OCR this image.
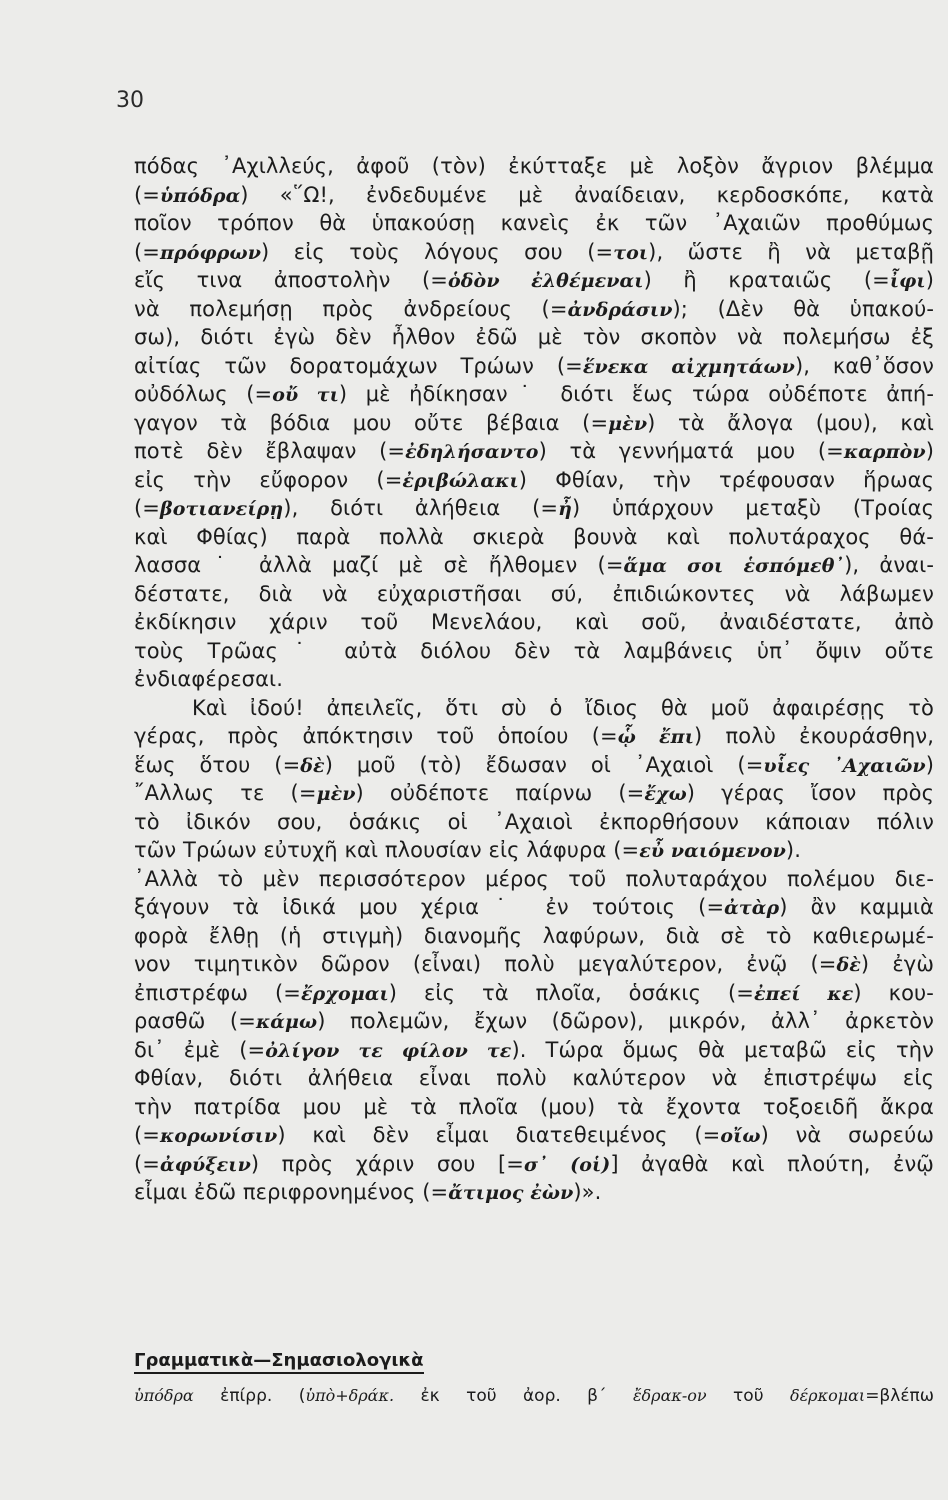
30
πόδας ᾿Αχιλλεύς, ἀφοῦ (τὸν) ἐκύτταξε μὲ λοξὸν ἄγριον βλέμμα
(=ὑπόδρα) «῞Ω!, ἐνδεδυμένε μὲ ἀναίδειαν, κερδοσκόπε, κατὰ
ποῖον τρόπον θὰ ὑπακούσῃ κανεὶς ἐκ τῶν ᾿Αχαιῶν προθύμως
(=πρόφρων) εἰς τοὺς λόγους σου (=τοι), ὥστε ἢ νὰ μεταβῇ
εἴς τινα ἀποστολὴν (=ὁδὸν ἐλθέμεναι) ἢ κραταιῶς (=ἶφι)
νὰ πολεμήσῃ πρὸς ἀνδρείους (=ἀνδράσιν); (Δὲν θὰ ὑπακού-
σω), διότι ἐγὼ δὲν ἦλθον ἐδῶ μὲ τὸν σκοπὸν νὰ πολεμήσω ἐξ
αἰτίας τῶν δορατομάχων Τρώων (=ἕνεκα αἰχμητάων), καθ᾿ὅσον
οὐδόλως (=οὔ τι) μὲ ἠδίκησαν˙ διότι ἕως τώρα οὐδέποτε ἀπή-
γαγον τὰ βόδια μου οὔτε βέβαια (=μὲν) τὰ ἄλογα (μου), καὶ
ποτὲ δὲν ἔβλαψαν (=ἐδηλήσαντο) τὰ γεννήματά μου (=καρπὸν)
εἰς τὴν εὔφορον (=ἐριβώλακι) Φθίαν, τὴν τρέφουσαν ἥρωας
(=βοτιανείρῃ), διότι ἀλήθεια (=ἦ) ὑπάρχουν μεταξὺ (Τροίας
καὶ Φθίας) παρὰ πολλὰ σκιερὰ βουνὰ καὶ πολυτάραχος θά-
λασσα˙ ἀλλὰ μαζί μὲ σὲ ἤλθομεν (=ἅμα σοι ἑσπόμεθ᾿), ἀναι-
δέστατε, διὰ νὰ εὐχαριστῆσαι σύ, ἐπιδιώκοντες νὰ λάβωμεν
ἐκδίκησιν χάριν τοῦ Μενελάου, καὶ σοῦ, ἀναιδέστατε, ἀπὸ
τοὺς Τρῶας˙ αὐτὰ διόλου δὲν τὰ λαμβάνεις ὑπ᾿ ὄψιν οὔτε
ἐνδιαφέρεσαι.
Καὶ ἰδού! ἀπειλεῖς, ὅτι σὺ ὁ ἴδιος θὰ μοῦ ἀφαιρέσῃς τὸ
γέρας, πρὸς ἀπόκτησιν τοῦ ὁποίου (=ᾧ ἔπι) πολὺ ἐκουράσθην,
ἕως ὅτου (=δὲ) μοῦ (τὸ) ἔδωσαν οἱ ᾿Αχαιοὶ (=υἷες ᾿Αχαιῶν)
῎Αλλως τε (=μὲν) οὐδέποτε παίρνω (=ἔχω) γέρας ἴσον πρὸς
τὸ ἰδικόν σου, ὁσάκις οἱ ᾿Αχαιοὶ ἐκπορθήσουν κάποιαν πόλιν
τῶν Τρώων εὐτυχῆ καὶ πλουσίαν εἰς λάφυρα (=εὖ ναιόμενον).
᾿Αλλὰ τὸ μὲν περισσότερον μέρος τοῦ πολυταράχου πολέμου διε-
ξάγουν τὰ ἰδικά μου χέρια˙ ἐν τούτοις (=ἀτὰρ) ἂν καμμιὰ
φορὰ ἔλθῃ (ἡ στιγμὴ) διανομῆς λαφύρων, διὰ σὲ τὸ καθιερωμέ-
νον τιμητικὸν δῶρον (εἶναι) πολὺ μεγαλύτερον, ἐνῷ (=δὲ) ἐγὼ
ἐπιστρέφω (=ἔρχομαι) εἰς τὰ πλοῖα, ὁσάκις (=ἐπεί κε) κου-
ρασθῶ (=κάμω) πολεμῶν, ἔχων (δῶρον), μικρόν, ἀλλ᾿ ἀρκετὸν
δι᾿ ἐμὲ (=ὀλίγον τε φίλον τε). Τώρα ὅμως θὰ μεταβῶ εἰς τὴν
Φθίαν, διότι ἀλήθεια εἶναι πολὺ καλύτερον νὰ ἐπιστρέψω εἰς
τὴν πατρίδα μου μὲ τὰ πλοῖα (μου) τὰ ἔχοντα τοξοειδῆ ἄκρα
(=κορωνίσιν) καὶ δὲν εἶμαι διατεθειμένος (=οἴω) νὰ σωρεύω
(=ἀφύξειν) πρὸς χάριν σου [=σ᾿ (οἱ)] ἀγαθὰ καὶ πλούτη, ἐνῷ
εἶμαι ἐδῶ περιφρονημένος (=ἄτιμος ἐὼν)».
Γραμματικὰ—Σημασιολογικὰ
ὑπόδρα ἐπίρρ. (ὑπὸ+δράκ. ἐκ τοῦ ἀορ. β΄ ἔδρακ-ον τοῦ δέρκομαι=βλέπω
